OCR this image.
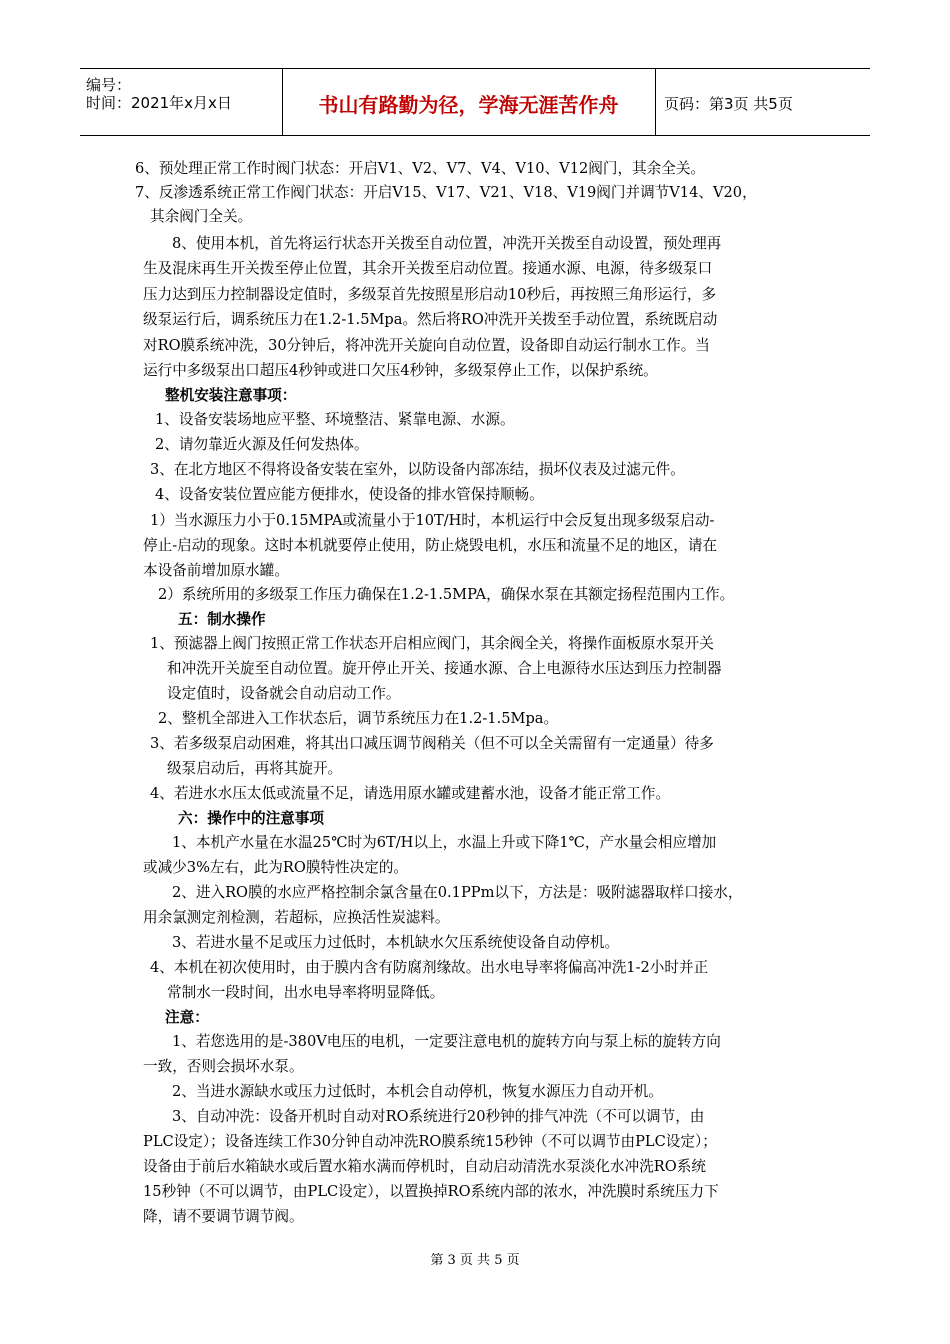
编号：
时间：2021年x月x日	书山有路勤为径，学海无涯苦作舟	页码：第3页 共5页
6、预处理正常工作时阀门状态：开启V1、V2、V7、V4、V10、V12阀门，其余全关。
7、反渗透系统正常工作阀门状态：开启V15、V17、V21、V18、V19阀门并调节V14、V20，
其余阀门全关。
8、使用本机，首先将运行状态开关拨至自动位置，冲洗开关拨至自动设置，预处理再
生及混床再生开关拨至停止位置，其余开关拨至启动位置。接通水源、电源，待多级泵口
压力达到压力控制器设定值时，多级泵首先按照星形启动10秒后，再按照三角形运行，多
级泵运行后，调系统压力在1.2-1.5Mpa。然后将RO冲洗开关拨至手动位置，系统既启动
对RO膜系统冲洗，30分钟后，将冲洗开关旋向自动位置，设备即自动运行制水工作。当
运行中多级泵出口超压4秒钟或进口欠压4秒钟，多级泵停止工作，以保护系统。
整机安装注意事项：
1、设备安装场地应平整、环境整洁、紧靠电源、水源。
2、请勿靠近火源及任何发热体。
3、在北方地区不得将设备安装在室外，以防设备内部冻结，损坏仪表及过滤元件。
4、设备安装位置应能方便排水，使设备的排水管保持顺畅。
1）当水源压力小于0.15MPA或流量小于10T/H时，本机运行中会反复出现多级泵启动-
停止-启动的现象。这时本机就要停止使用，防止烧毁电机，水压和流量不足的地区，请在
本设备前增加原水罐。
2）系统所用的多级泵工作压力确保在1.2-1.5MPA，确保水泵在其额定扬程范围内工作。
五：制水操作
1、预滤器上阀门按照正常工作状态开启相应阀门，其余阀全关，将操作面板原水泵开关
和冲洗开关旋至自动位置。旋开停止开关、接通水源、合上电源待水压达到压力控制器
设定值时，设备就会自动启动工作。
2、整机全部进入工作状态后，调节系统压力在1.2-1.5Mpa。
3、若多级泵启动困难，将其出口减压调节阀稍关（但不可以全关需留有一定通量）待多
级泵启动后，再将其旋开。
4、若进水水压太低或流量不足，请选用原水罐或建蓄水池，设备才能正常工作。
六：操作中的注意事项
1、本机产水量在水温25℃时为6T/H以上，水温上升或下降1℃，产水量会相应增加
或减少3%左右，此为RO膜特性决定的。
2、进入RO膜的水应严格控制余氯含量在0.1PPm以下，方法是：吸附滤器取样口接水，
用余氯测定剂检测，若超标，应换活性炭滤料。
3、若进水量不足或压力过低时，本机缺水欠压系统使设备自动停机。
4、本机在初次使用时，由于膜内含有防腐剂缘故。出水电导率将偏高冲洗1-2小时并正
常制水一段时间，出水电导率将明显降低。
注意：
1、若您选用的是-380V电压的电机，一定要注意电机的旋转方向与泵上标的旋转方向
一致，否则会损坏水泵。
2、当进水源缺水或压力过低时，本机会自动停机，恢复水源压力自动开机。
3、自动冲洗：设备开机时自动对RO系统进行20秒钟的排气冲洗（不可以调节，由
PLC设定）；设备连续工作30分钟自动冲洗RO膜系统15秒钟（不可以调节由PLC设定）；
设备由于前后水箱缺水或后置水箱水满而停机时，自动启动清洗水泵淡化水冲洗RO系统
15秒钟（不可以调节，由PLC设定），以置换掉RO系统内部的浓水，冲洗膜时系统压力下
降，请不要调节调节阀。
第 3 页 共 5 页
